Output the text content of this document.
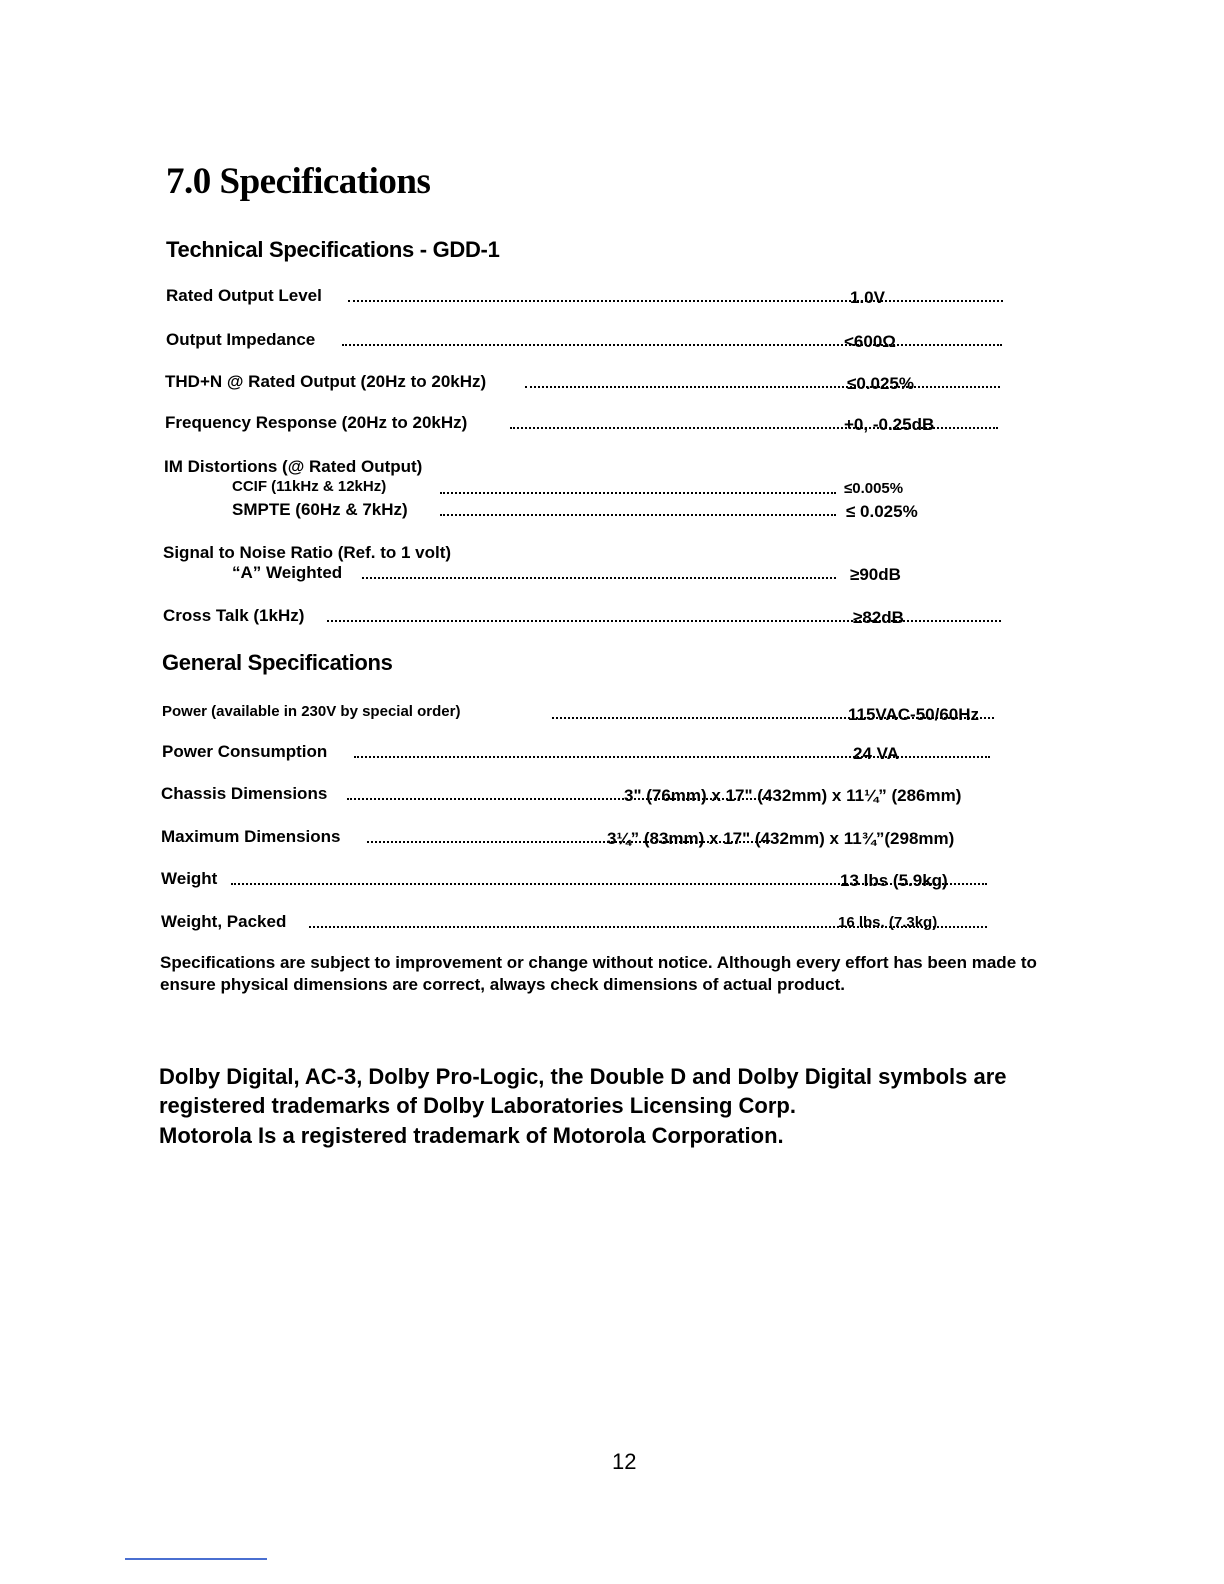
7.0 Specifications
Technical Specifications - GDD-1
Rated Output Level	1.0V
Output Impedance	<600Ω
THD+N @ Rated Output (20Hz to 20kHz)	≤0.025%
Frequency Response (20Hz to 20kHz)	+0, -0.25dB
IM Distortions (@ Rated Output)
CCIF (11kHz & 12kHz)	≤0.005%
SMPTE (60Hz & 7kHz)	≤ 0.025%
Signal to Noise Ratio (Ref. to 1 volt)
“A” Weighted	≥90dB
Cross Talk (1kHz)	≥82dB
General Specifications
Power (available in 230V by special order)	115VAC-50/60Hz
Power Consumption	24 VA
Chassis Dimensions	3" (76mm) x 17" (432mm) x 11¼” (286mm)
Maximum Dimensions	3¼” (83mm) x 17" (432mm) x 11¾”(298mm)
Weight	13 lbs (5.9kg)
Weight, Packed	16 lbs. (7.3kg)
Specifications are subject to improvement or change without notice. Although every effort has been made to ensure physical dimensions are correct, always check dimensions of actual product.
Dolby Digital, AC-3, Dolby Pro-Logic, the Double D and Dolby Digital symbols are registered trademarks of Dolby Laboratories Licensing Corp.
Motorola Is a registered trademark of Motorola Corporation.
12
